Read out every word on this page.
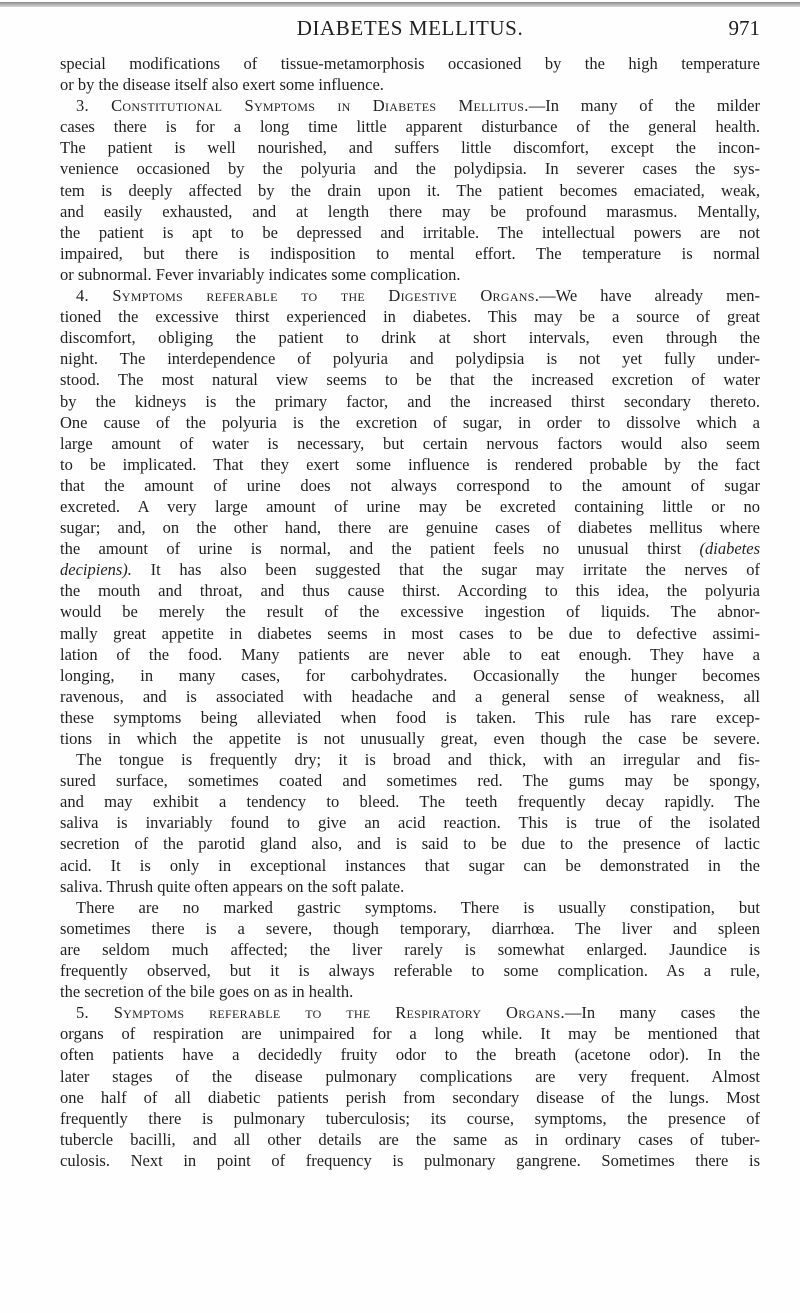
DIABETES MELLITUS.	971
special modifications of tissue-metamorphosis occasioned by the high temperature
or by the disease itself also exert some influence.
3. Constitutional Symptoms in Diabetes Mellitus.—In many of the milder
cases there is for a long time little apparent disturbance of the general health.
The patient is well nourished, and suffers little discomfort, except the incon-
venience occasioned by the polyuria and the polydipsia. In severer cases the sys-
tem is deeply affected by the drain upon it. The patient becomes emaciated, weak,
and easily exhausted, and at length there may be profound marasmus. Mentally,
the patient is apt to be depressed and irritable. The intellectual powers are not
impaired, but there is indisposition to mental effort. The temperature is normal
or subnormal. Fever invariably indicates some complication.
4. Symptoms referable to the Digestive Organs.—We have already men-
tioned the excessive thirst experienced in diabetes. This may be a source of great
discomfort, obliging the patient to drink at short intervals, even through the
night. The interdependence of polyuria and polydipsia is not yet fully under-
stood. The most natural view seems to be that the increased excretion of water
by the kidneys is the primary factor, and the increased thirst secondary thereto.
One cause of the polyuria is the excretion of sugar, in order to dissolve which a
large amount of water is necessary, but certain nervous factors would also seem
to be implicated. That they exert some influence is rendered probable by the fact
that the amount of urine does not always correspond to the amount of sugar
excreted. A very large amount of urine may be excreted containing little or no
sugar; and, on the other hand, there are genuine cases of diabetes mellitus where
the amount of urine is normal, and the patient feels no unusual thirst (diabetes
decipiens). It has also been suggested that the sugar may irritate the nerves of
the mouth and throat, and thus cause thirst. According to this idea, the polyuria
would be merely the result of the excessive ingestion of liquids. The abnor-
mally great appetite in diabetes seems in most cases to be due to defective assimi-
lation of the food. Many patients are never able to eat enough. They have a
longing, in many cases, for carbohydrates. Occasionally the hunger becomes
ravenous, and is associated with headache and a general sense of weakness, all
these symptoms being alleviated when food is taken. This rule has rare excep-
tions in which the appetite is not unusually great, even though the case be severe.
The tongue is frequently dry; it is broad and thick, with an irregular and fis-
sured surface, sometimes coated and sometimes red. The gums may be spongy,
and may exhibit a tendency to bleed. The teeth frequently decay rapidly. The
saliva is invariably found to give an acid reaction. This is true of the isolated
secretion of the parotid gland also, and is said to be due to the presence of lactic
acid. It is only in exceptional instances that sugar can be demonstrated in the
saliva. Thrush quite often appears on the soft palate.
There are no marked gastric symptoms. There is usually constipation, but
sometimes there is a severe, though temporary, diarrhœa. The liver and spleen
are seldom much affected; the liver rarely is somewhat enlarged. Jaundice is
frequently observed, but it is always referable to some complication. As a rule,
the secretion of the bile goes on as in health.
5. Symptoms referable to the Respiratory Organs.—In many cases the
organs of respiration are unimpaired for a long while. It may be mentioned that
often patients have a decidedly fruity odor to the breath (acetone odor). In the
later stages of the disease pulmonary complications are very frequent. Almost
one half of all diabetic patients perish from secondary disease of the lungs. Most
frequently there is pulmonary tuberculosis; its course, symptoms, the presence of
tubercle bacilli, and all other details are the same as in ordinary cases of tuber-
culosis. Next in point of frequency is pulmonary gangrene. Sometimes there is
